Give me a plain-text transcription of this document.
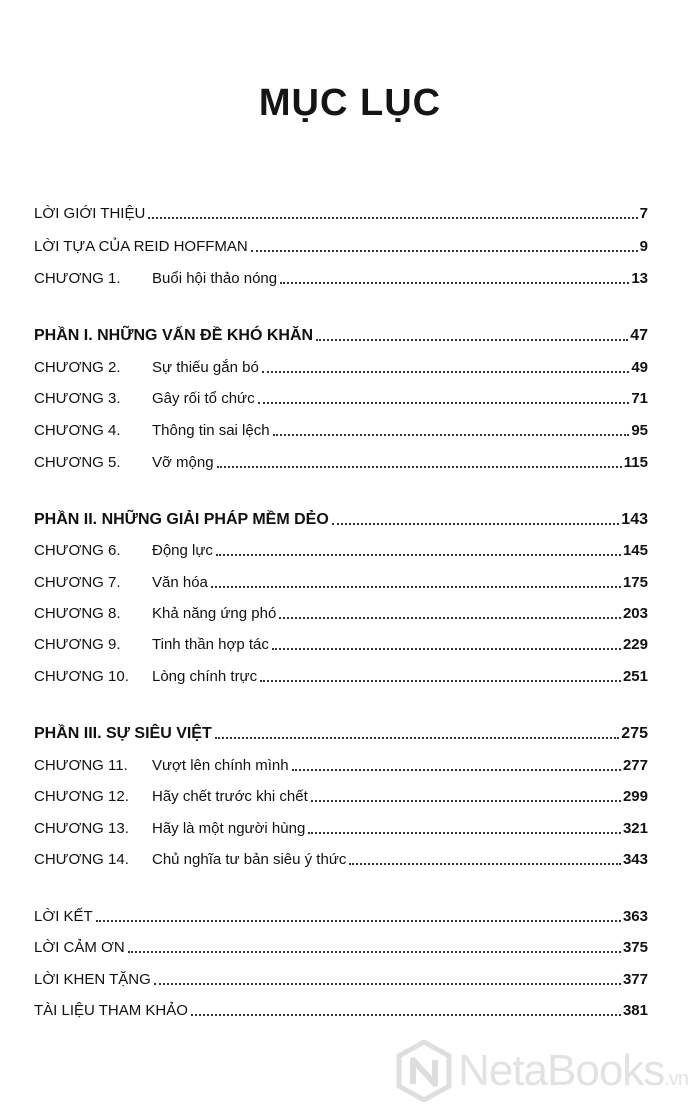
MỤC LỤC
LỜI GIỚI THIỆU	7
LỜI TỰA CỦA REID HOFFMAN	9
CHƯƠNG 1. Buổi hội thảo nóng	13
PHẦN I. NHỮNG VẤN ĐỀ KHÓ KHĂN	47
CHƯƠNG 2. Sự thiếu gắn bó	49
CHƯƠNG 3. Gây rối tổ chức	71
CHƯƠNG 4. Thông tin sai lệch	95
CHƯƠNG 5. Vỡ mộng	115
PHẦN II. NHỮNG GIẢI PHÁP MỀM DẺO	143
CHƯƠNG 6. Động lực	145
CHƯƠNG 7. Văn hóa	175
CHƯƠNG 8. Khả năng ứng phó	203
CHƯƠNG 9. Tinh thần hợp tác	229
CHƯƠNG 10. Lòng chính trực	251
PHẦN III. SỰ SIÊU VIỆT	275
CHƯƠNG 11. Vượt lên chính mình	277
CHƯƠNG 12. Hãy chết trước khi chết	299
CHƯƠNG 13. Hãy là một người hùng	321
CHƯƠNG 14. Chủ nghĩa tư bản siêu ý thức	343
LỜI KẾT	363
LỜI CẢM ƠN	375
LỜI KHEN TẶNG	377
TÀI LIỆU THAM KHẢO	381
NetaBooks.vn
